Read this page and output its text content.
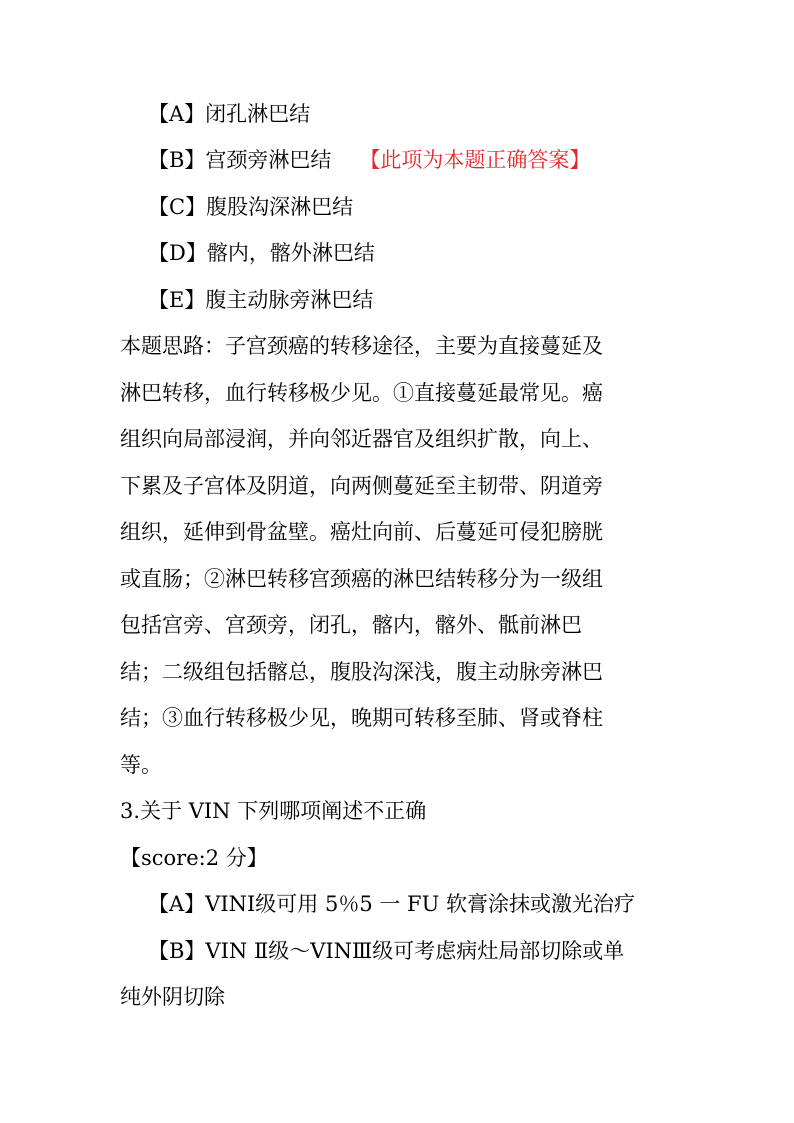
【A】闭孔淋巴结
【B】宫颈旁淋巴结 【此项为本题正确答案】
【C】腹股沟深淋巴结
【D】髂内，髂外淋巴结
【E】腹主动脉旁淋巴结
本题思路：子宫颈癌的转移途径，主要为直接蔓延及
淋巴转移，血行转移极少见。①直接蔓延最常见。癌
组织向局部浸润，并向邻近器官及组织扩散，向上、
下累及子宫体及阴道，向两侧蔓延至主韧带、阴道旁
组织，延伸到骨盆壁。癌灶向前、后蔓延可侵犯膀胱
或直肠；②淋巴转移宫颈癌的淋巴结转移分为一级组
包括宫旁、宫颈旁，闭孔，髂内，髂外、骶前淋巴
结；二级组包括髂总，腹股沟深浅，腹主动脉旁淋巴
结；③血行转移极少见，晚期可转移至肺、肾或脊柱
等。
3.关于 VIN 下列哪项阐述不正确
【score:2 分】
【A】VINⅠ级可用 5％5 一 FU 软膏涂抹或激光治疗
【B】VIN Ⅱ级～VINⅢ级可考虑病灶局部切除或单
纯外阴切除
